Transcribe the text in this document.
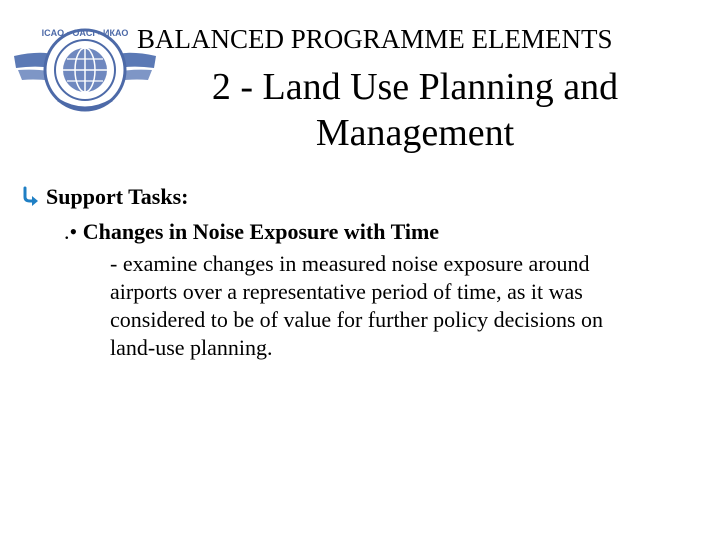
ICAO • OACI • ИКАО BALANCED PROGRAMME ELEMENTS
2 - Land Use Planning and
Management
Support Tasks:
.• Changes in Noise Exposure with Time
- examine changes in measured noise exposure around
airports over a representative period of time, as it was
considered to be of value for further policy decisions on
land-use planning.
